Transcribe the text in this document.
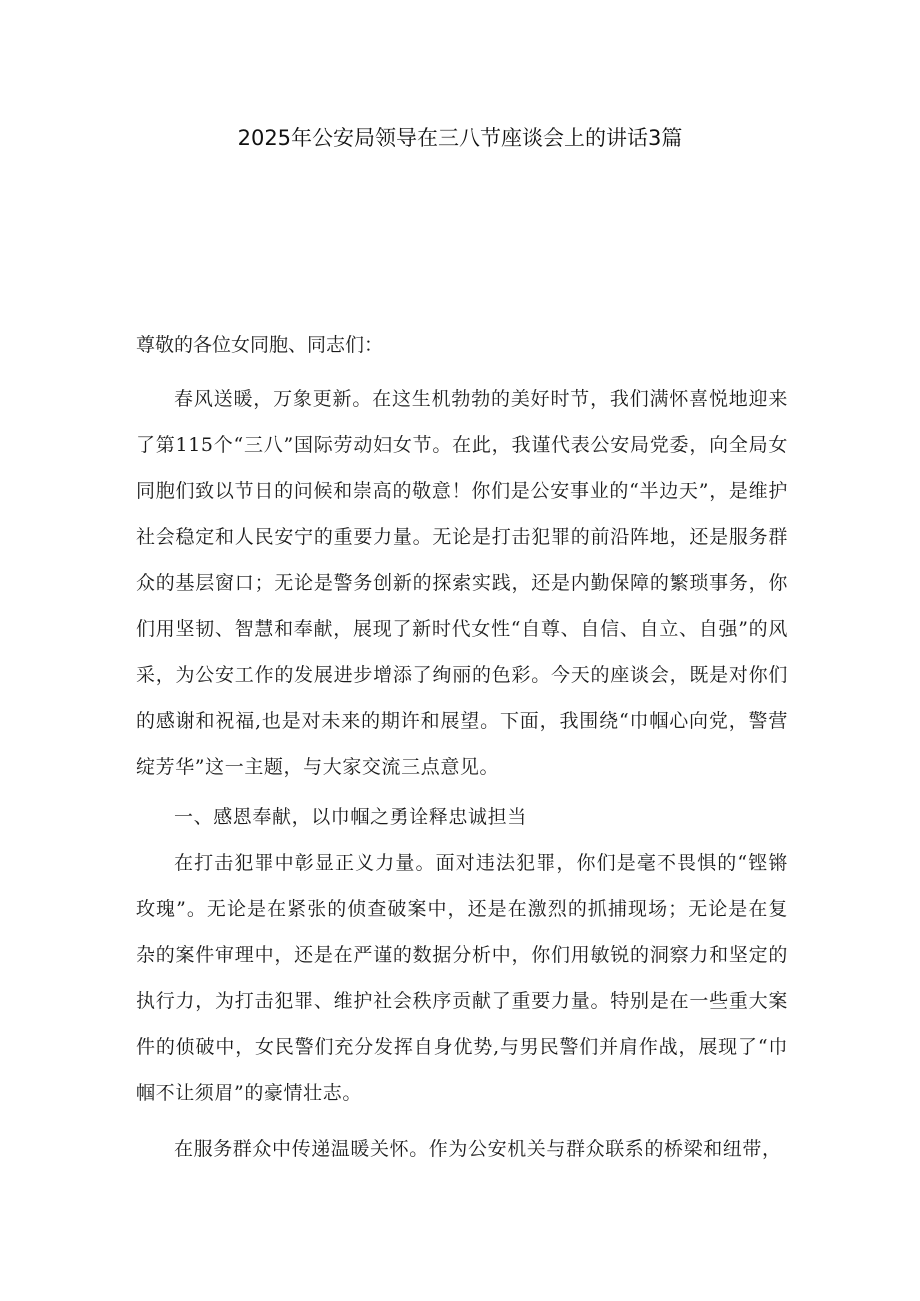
2025年公安局领导在三八节座谈会上的讲话3篇

尊敬的各位女同胞、同志们：

春风送暖，万象更新。在这生机勃勃的美好时节，我们满怀喜悦地迎来了第115个“三八”国际劳动妇女节。在此，我谨代表公安局党委，向全局女同胞们致以节日的问候和崇高的敬意！你们是公安事业的“半边天”，是维护社会稳定和人民安宁的重要力量。无论是打击犯罪的前沿阵地，还是服务群众的基层窗口；无论是警务创新的探索实践，还是内勤保障的繁琐事务，你们用坚韧、智慧和奉献，展现了新时代女性“自尊、自信、自立、自强”的风采，为公安工作的发展进步增添了绚丽的色彩。今天的座谈会，既是对你们的感谢和祝福,也是对未来的期许和展望。下面，我围绕“巾帼心向党，警营绽芳华”这一主题，与大家交流三点意见。

一、感恩奉献，以巾帼之勇诠释忠诚担当

在打击犯罪中彰显正义力量。面对违法犯罪，你们是毫不畏惧的“铿锵玫瑰”。无论是在紧张的侦查破案中，还是在激烈的抓捕现场；无论是在复杂的案件审理中，还是在严谨的数据分析中，你们用敏锐的洞察力和坚定的执行力，为打击犯罪、维护社会秩序贡献了重要力量。特别是在一些重大案件的侦破中，女民警们充分发挥自身优势,与男民警们并肩作战，展现了“巾帼不让须眉”的豪情壮志。

在服务群众中传递温暖关怀。作为公安机关与群众联系的桥梁和纽带，
